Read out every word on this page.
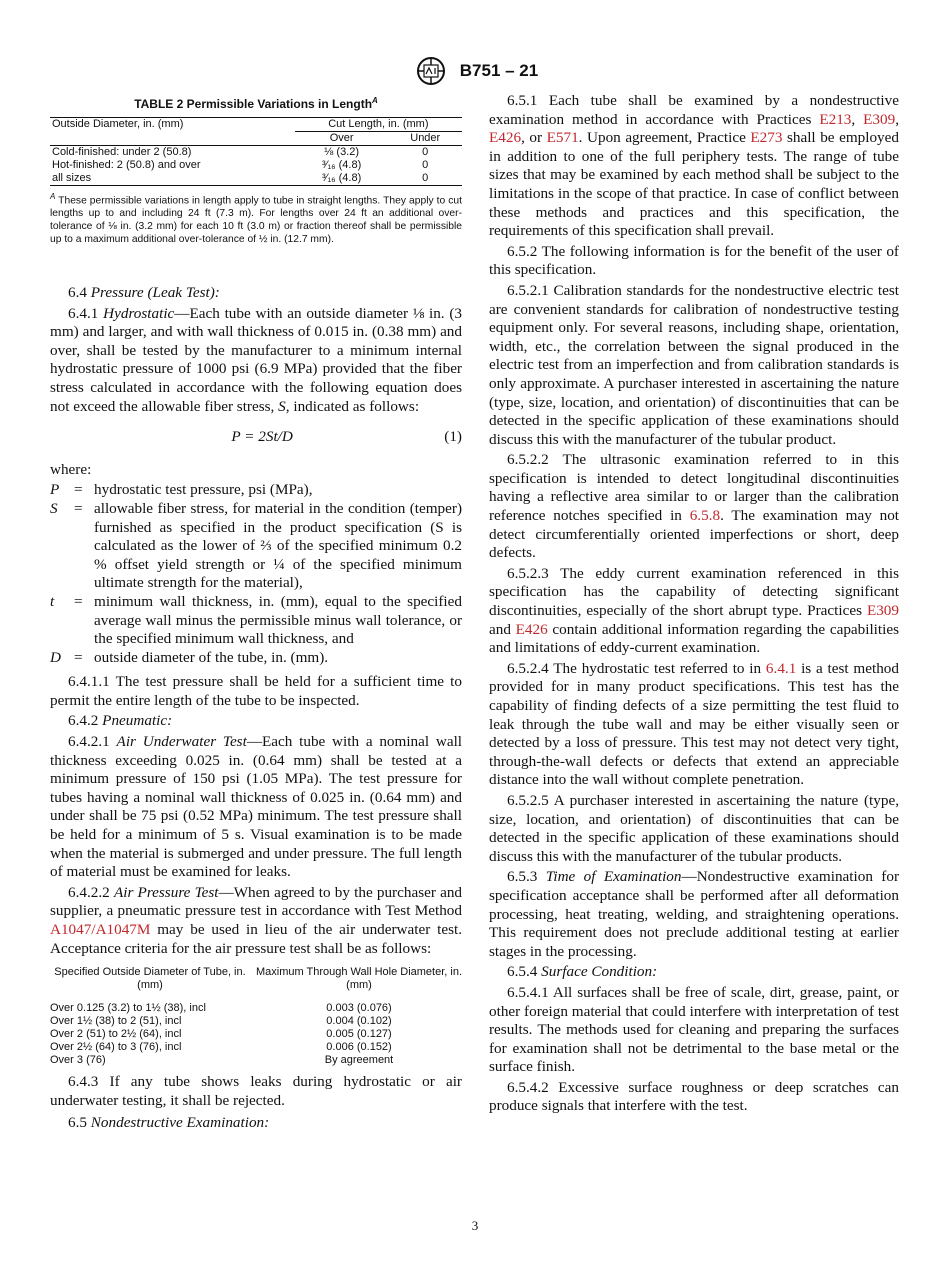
B751 – 21
TABLE 2 Permissible Variations in Length$^A$
Outside Diameter, in. (mm)	Cut Length, in. (mm)	
	Over	Under
Cold-finished: under 2 (50.8)	⅛ (3.2)	0
Hot-finished: 2 (50.8) and over	³⁄₁₆ (4.8)	0
all sizes	³⁄₁₆ (4.8)	0
$^A$ These permissible variations in length apply to tube in straight lengths. They apply to cut lengths up to and including 24 ft (7.3 m). For lengths over 24 ft an additional over-tolerance of ⅛ in. (3.2 mm) for each 10 ft (3.0 m) or fraction thereof shall be permissible up to a maximum additional over-tolerance of ½ in. (12.7 mm).

6.4 Pressure (Leak Test):

6.4.1 Hydrostatic—Each tube with an outside diameter ⅛ in. (3 mm) and larger, and with wall thickness of 0.015 in. (0.38 mm) and over, shall be tested by the manufacturer to a minimum internal hydrostatic pressure of 1000 psi (6.9 MPa) provided that the fiber stress calculated in accordance with the following equation does not exceed the allowable fiber stress, S, indicated as follows:

P = 2St/D	(1)

where:

P = hydrostatic test pressure, psi (MPa),
S	= allowable fiber stress, for material in the condition (temper) furnished as specified in the product specification (S is calculated as the lower of ⅔ of the specified minimum 0.2 % offset yield strength or ¼ of the specified minimum ultimate strength for the material),
t	= minimum wall thickness, in. (mm), equal to the specified average wall minus the permissible minus wall tolerance, or the specified minimum wall thickness, and
D = outside diameter of the tube, in. (mm).

6.4.1.1 The test pressure shall be held for a sufficient time to permit the entire length of the tube to be inspected.

6.4.2 Pneumatic:

6.4.2.1 Air Underwater Test—Each tube with a nominal wall thickness exceeding 0.025 in. (0.64 mm) shall be tested at a minimum pressure of 150 psi (1.05 MPa). The test pressure for tubes having a nominal wall thickness of 0.025 in. (0.64 mm) and under shall be 75 psi (0.52 MPa) minimum. The test pressure shall be held for a minimum of 5 s. Visual examination is to be made when the material is submerged and under pressure. The full length of material must be examined for leaks.

6.4.2.2 Air Pressure Test—When agreed to by the purchaser and supplier, a pneumatic pressure test in accordance with Test Method A1047/A1047M may be used in lieu of the air underwater test. Acceptance criteria for the air pressure test shall be as follows:

Specified Outside Diameter of Tube, in. (mm)	Maximum Through Wall Hole Diameter, in. (mm)

Over 0.125 (3.2) to 1½ (38), incl	0.003 (0.076)
Over 1½ (38) to 2 (51), incl	0.004 (0.102)
Over 2 (51) to 2½ (64), incl	0.005 (0.127)
Over 2½ (64) to 3 (76), incl	0.006 (0.152)
Over 3 (76)	By agreement

6.4.3 If any tube shows leaks during hydrostatic or air underwater testing, it shall be rejected.

6.5 Nondestructive Examination:

6.5.1 Each tube shall be examined by a nondestructive examination method in accordance with Practices E213, E309, E426, or E571. Upon agreement, Practice E273 shall be employed in addition to one of the full periphery tests. The range of tube sizes that may be examined by each method shall be subject to the limitations in the scope of that practice. In case of conflict between these methods and practices and this specification, the requirements of this specification shall prevail.

6.5.2 The following information is for the benefit of the user of this specification.

6.5.2.1 Calibration standards for the nondestructive electric test are convenient standards for calibration of nondestructive testing equipment only. For several reasons, including shape, orientation, width, etc., the correlation between the signal produced in the electric test from an imperfection and from calibration standards is only approximate. A purchaser interested in ascertaining the nature (type, size, location, and orientation) of discontinuities that can be detected in the specific application of these examinations should discuss this with the manufacturer of the tubular product.

6.5.2.2 The ultrasonic examination referred to in this specification is intended to detect longitudinal discontinuities having a reflective area similar to or larger than the calibration reference notches specified in 6.5.8. The examination may not detect circumferentially oriented imperfections or short, deep defects.

6.5.2.3 The eddy current examination referenced in this specification has the capability of detecting significant discontinuities, especially of the short abrupt type. Practices E309 and E426 contain additional information regarding the capabilities and limitations of eddy-current examination.

6.5.2.4 The hydrostatic test referred to in 6.4.1 is a test method provided for in many product specifications. This test has the capability of finding defects of a size permitting the test fluid to leak through the tube wall and may be either visually seen or detected by a loss of pressure. This test may not detect very tight, through-the-wall defects or defects that extend an appreciable distance into the wall without complete penetration.

6.5.2.5 A purchaser interested in ascertaining the nature (type, size, location, and orientation) of discontinuities that can be detected in the specific application of these examinations should discuss this with the manufacturer of the tubular products.

6.5.3 Time of Examination—Nondestructive examination for specification acceptance shall be performed after all deformation processing, heat treating, welding, and straightening operations. This requirement does not preclude additional testing at earlier stages in the processing.

6.5.4 Surface Condition:

6.5.4.1 All surfaces shall be free of scale, dirt, grease, paint, or other foreign material that could interfere with interpretation of test results. The methods used for cleaning and preparing the surfaces for examination shall not be detrimental to the base metal or the surface finish.

6.5.4.2 Excessive surface roughness or deep scratches can produce signals that interfere with the test.

3
